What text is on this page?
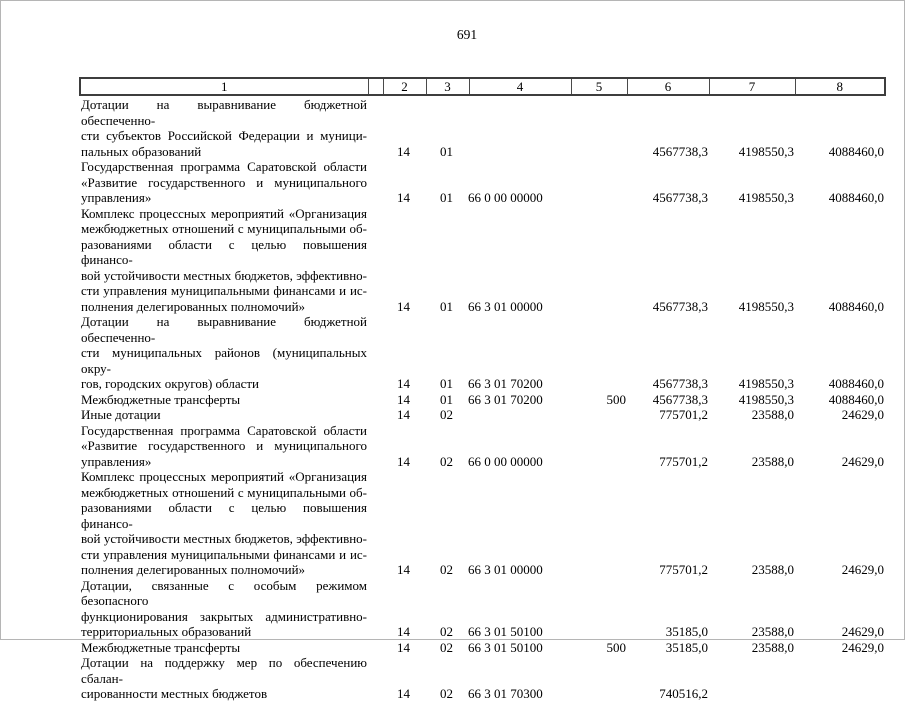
691
1		2	3	4	5	6	7	8
Дотации на выравнивание бюджетной обеспеченно-
сти субъектов Российской Федерации и муници-
пальных образований		14	01			4567738,3	4198550,3	4088460,0

Государственная программа Саратовской области
«Развитие государственного и муниципального
управления»		14	01	66 0 00 00000		4567738,3	4198550,3	4088460,0

Комплекс процессных мероприятий «Организация
межбюджетных отношений с муниципальными об-
разованиями области с целью повышения финансо-
вой устойчивости местных бюджетов, эффективно-
сти управления муниципальными финансами и ис-
полнения делегированных полномочий»		14	01	66 3 01 00000		4567738,3	4198550,3	4088460,0

Дотации на выравнивание бюджетной обеспеченно-
сти муниципальных районов (муниципальных окру-
гов, городских округов) области		14	01	66 3 01 70200		4567738,3	4198550,3	4088460,0

Межбюджетные трансферты		14	01	66 3 01 70200	500	4567738,3	4198550,3	4088460,0

Иные дотации		14	02			775701,2	23588,0	24629,0

Государственная программа Саратовской области
«Развитие государственного и муниципального
управления»		14	02	66 0 00 00000		775701,2	23588,0	24629,0

Комплекс процессных мероприятий «Организация
межбюджетных отношений с муниципальными об-
разованиями области с целью повышения финансо-
вой устойчивости местных бюджетов, эффективно-
сти управления муниципальными финансами и ис-
полнения делегированных полномочий»		14	02	66 3 01 00000		775701,2	23588,0	24629,0

Дотации, связанные с особым режимом безопасного
функционирования закрытых административно-
территориальных образований		14	02	66 3 01 50100		35185,0	23588,0	24629,0

Межбюджетные трансферты		14	02	66 3 01 50100	500	35185,0	23588,0	24629,0

Дотации на поддержку мер по обеспечению сбалан-
сированности местных бюджетов		14	02	66 3 01 70300		740516,2		
